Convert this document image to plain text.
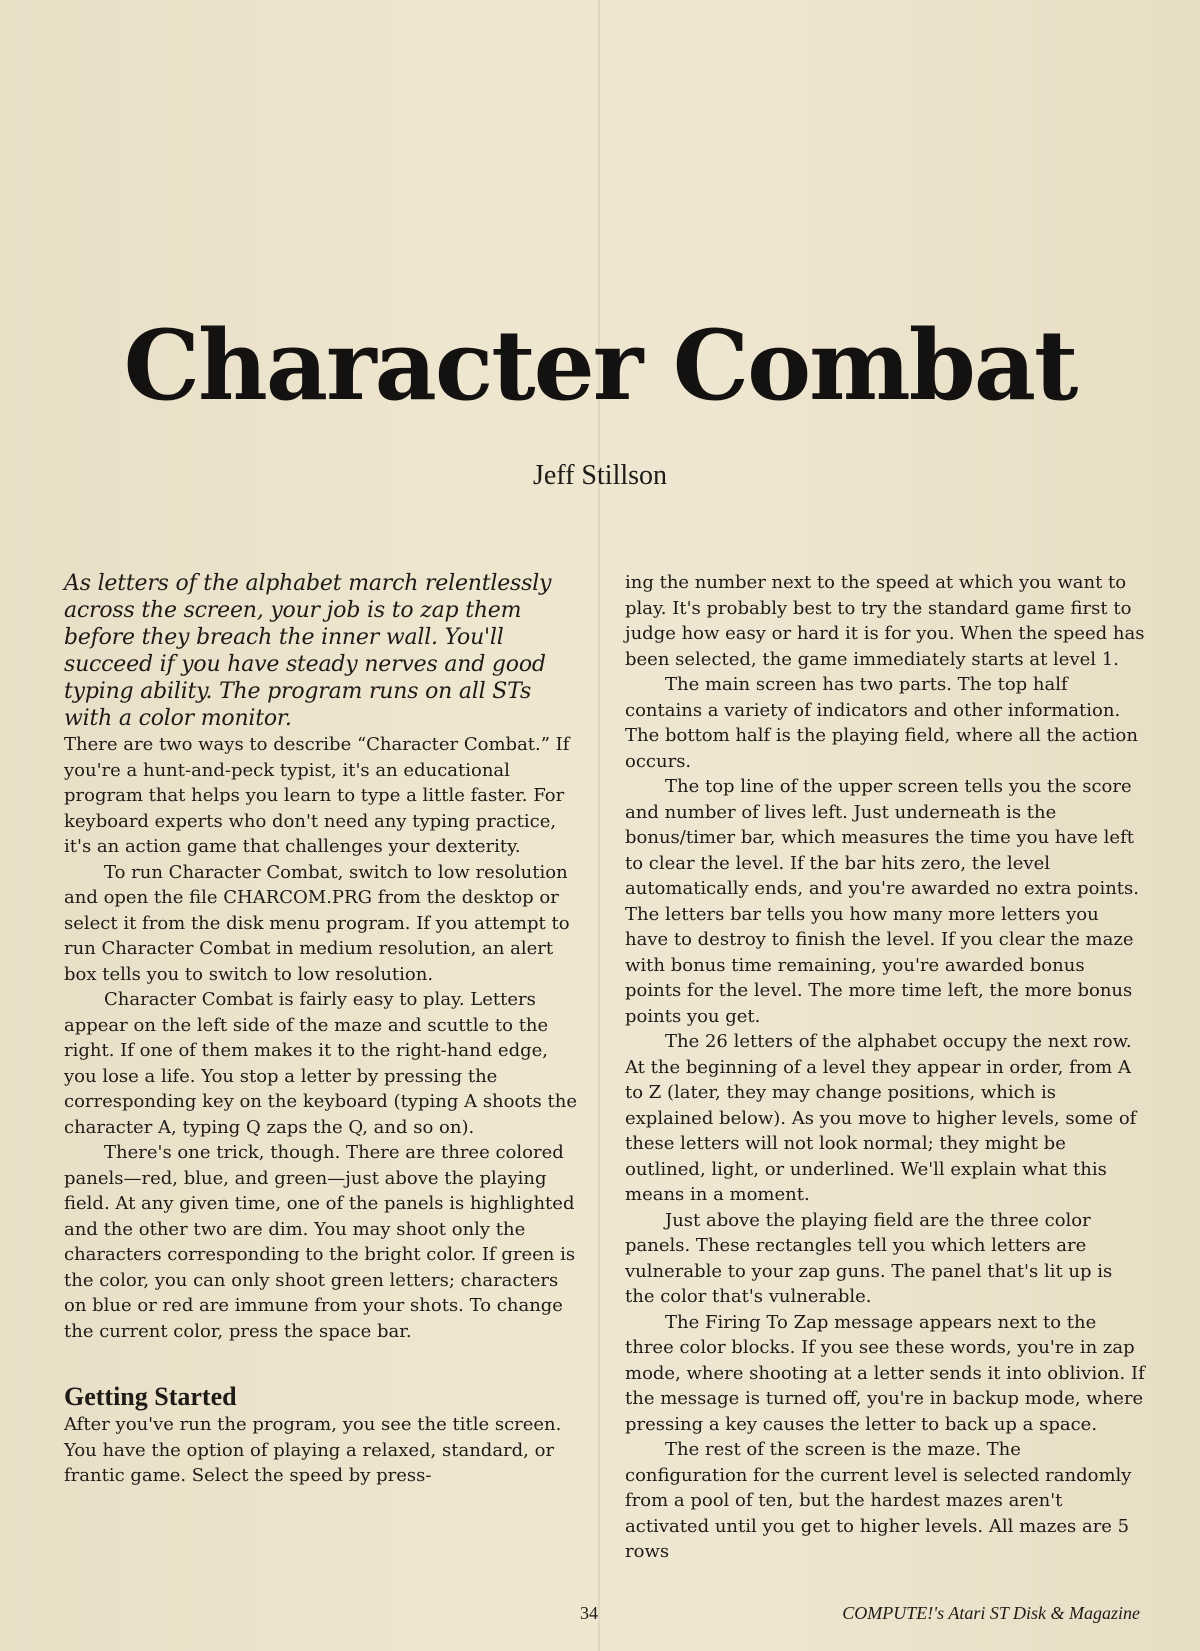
Character Combat
Jeff Stillson

As letters of the alphabet march relentlessly across the screen, your job is to zap them before they breach the inner wall. You'll succeed if you have steady nerves and good typing ability. The program runs on all STs with a color monitor.

There are two ways to describe “Character Combat.” If you're a hunt-and-peck typist, it's an educational program that helps you learn to type a little faster. For keyboard experts who don't need any typing practice, it's an action game that challenges your dexterity.

To run Character Combat, switch to low resolution and open the file CHARCOM.PRG from the desktop or select it from the disk menu program. If you attempt to run Character Combat in medium resolution, an alert box tells you to switch to low resolution.

Character Combat is fairly easy to play. Letters appear on the left side of the maze and scuttle to the right. If one of them makes it to the right-hand edge, you lose a life. You stop a letter by pressing the corresponding key on the keyboard (typing A shoots the character A, typing Q zaps the Q, and so on).

There's one trick, though. There are three colored panels—red, blue, and green—just above the playing field. At any given time, one of the panels is highlighted and the other two are dim. You may shoot only the characters corresponding to the bright color. If green is the color, you can only shoot green letters; characters on blue or red are immune from your shots. To change the current color, press the space bar.

Getting Started

After you've run the program, you see the title screen. You have the option of playing a relaxed, standard, or frantic game. Select the speed by press-

ing the number next to the speed at which you want to play. It's probably best to try the standard game first to judge how easy or hard it is for you. When the speed has been selected, the game immediately starts at level 1.

The main screen has two parts. The top half contains a variety of indicators and other information. The bottom half is the playing field, where all the action occurs.

The top line of the upper screen tells you the score and number of lives left. Just underneath is the bonus/timer bar, which measures the time you have left to clear the level. If the bar hits zero, the level automatically ends, and you're awarded no extra points. The letters bar tells you how many more letters you have to destroy to finish the level. If you clear the maze with bonus time remaining, you're awarded bonus points for the level. The more time left, the more bonus points you get.

The 26 letters of the alphabet occupy the next row. At the beginning of a level they appear in order, from A to Z (later, they may change positions, which is explained below). As you move to higher levels, some of these letters will not look normal; they might be outlined, light, or underlined. We'll explain what this means in a moment.

Just above the playing field are the three color panels. These rectangles tell you which letters are vulnerable to your zap guns. The panel that's lit up is the color that's vulnerable.

The Firing To Zap message appears next to the three color blocks. If you see these words, you're in zap mode, where shooting at a letter sends it into oblivion. If the message is turned off, you're in backup mode, where pressing a key causes the letter to back up a space.

The rest of the screen is the maze. The configuration for the current level is selected randomly from a pool of ten, but the hardest mazes aren't activated until you get to higher levels. All mazes are 5 rows

34	COMPUTE!'s Atari ST Disk & Magazine
